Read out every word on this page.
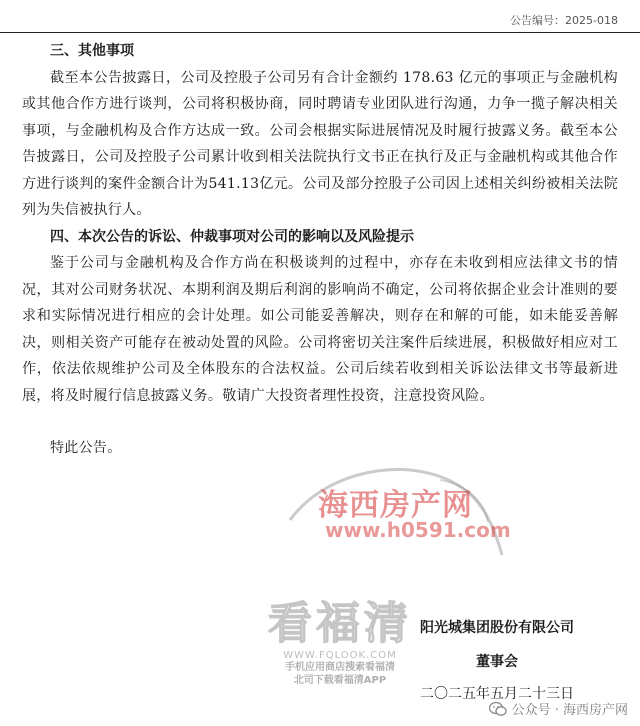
公告编号：2025-018

三、其他事项

截至本公告披露日，公司及控股子公司另有合计金额约 178.63 亿元的事项正与金融机构或其他合作方进行谈判，公司将积极协商，同时聘请专业团队进行沟通，力争一揽子解决相关事项，与金融机构及合作方达成一致。公司会根据实际进展情况及时履行披露义务。截至本公告披露日，公司及控股子公司累计收到相关法院执行文书正在执行及正与金融机构或其他合作方进行谈判的案件金额合计为541.13亿元。公司及部分控股子公司因上述相关纠纷被相关法院列为失信被执行人。

四、本次公告的诉讼、仲裁事项对公司的影响以及风险提示

鉴于公司与金融机构及合作方尚在积极谈判的过程中，亦存在未收到相应法律文书的情况，其对公司财务状况、本期利润及期后利润的影响尚不确定，公司将依据企业会计准则的要求和实际情况进行相应的会计处理。如公司能妥善解决，则存在和解的可能，如未能妥善解决，则相关资产可能存在被动处置的风险。公司将密切关注案件后续进展，积极做好相应对工作，依法依规维护公司及全体股东的合法权益。公司后续若收到相关诉讼法律文书等最新进展，将及时履行信息披露义务。敬请广大投资者理性投资，注意投资风险。

特此公告。

阳光城集团股份有限公司
董事会
二〇二五年五月二十三日
海西房产网
www.h0591.com
看福清
WWW.FQLOOK.COM
手机应用商店搜索看福清
北司下载看福清APP
公众号 · 海西房产网
